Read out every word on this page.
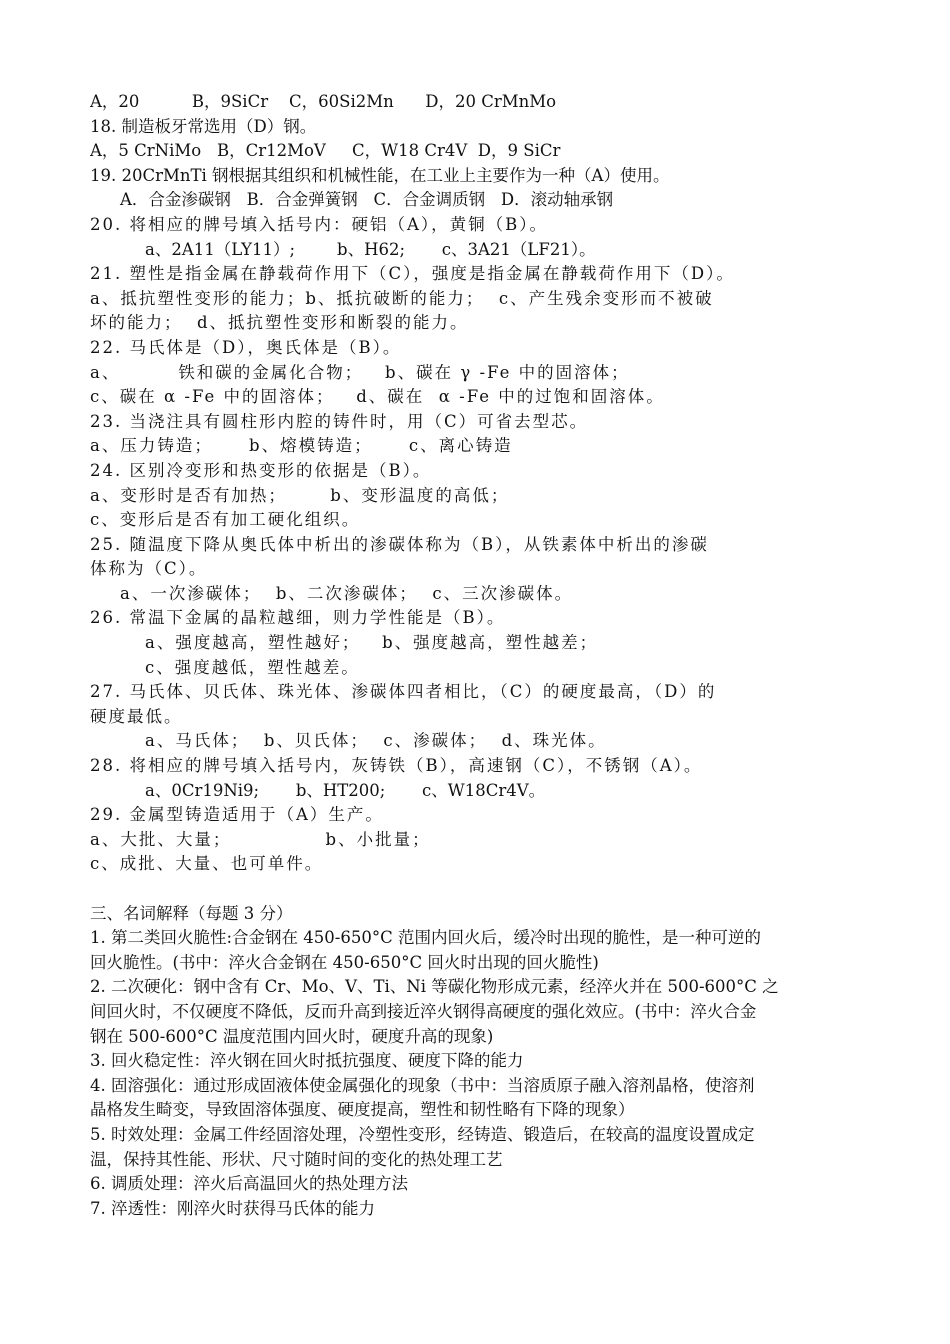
A，20          B，9SiCr    C，60Si2Mn      D，20 CrMnMo
18. 制造板牙常选用（D）钢。
A，5 CrNiMo   B，Cr12MoV     C，W18 Cr4V  D，9 SiCr
19. 20CrMnTi 钢根据其组织和机械性能，在工业上主要作为一种（A）使用。
A．合金渗碳钢   B．合金弹簧钢   C．合金调质钢   D．滚动轴承钢
20. 将相应的牌号填入括号内：硬铝（A），黄铜（B）。
a、2A11（LY11）;        b、H62;       c、3A21（LF21）。
21. 塑性是指金属在静载荷作用下（C），强度是指金属在静载荷作用下（D）。
a、抵抗塑性变形的能力；b、抵抗破断的能力；  c、产生残余变形而不被破
坏的能力；  d、抵抗塑性变形和断裂的能力。
22. 马氏体是（D），奥氏体是（B）。
a、        铁和碳的金属化合物；   b、碳在 γ -Fe 中的固溶体；
c、碳在 α -Fe 中的固溶体；   d、碳在  α -Fe 中的过饱和固溶体。
23. 当浇注具有圆柱形内腔的铸件时，用（C）可省去型芯。
a、压力铸造；     b、熔模铸造；     c、离心铸造
24. 区别冷变形和热变形的依据是（B）。
a、变形时是否有加热；      b、变形温度的高低；
c、变形后是否有加工硬化组织。
25. 随温度下降从奥氏体中析出的渗碳体称为（B），从铁素体中析出的渗碳
体称为（C）。
a、一次渗碳体；  b、二次渗碳体；  c、三次渗碳体。
26. 常温下金属的晶粒越细，则力学性能是（B）。
a、强度越高，塑性越好；   b、强度越高，塑性越差；
c、强度越低，塑性越差。
27. 马氏体、贝氏体、珠光体、渗碳体四者相比，（C）的硬度最高，（D）的
硬度最低。
a、马氏体；  b、贝氏体；  c、渗碳体；  d、珠光体。
28. 将相应的牌号填入括号内，灰铸铁（B），高速钢（C），不锈钢（A）。
a、0Cr19Ni9;       b、HT200;       c、W18Cr4V。
29. 金属型铸造适用于（A）生产。
a、大批、大量；             b、小批量；
c、成批、大量、也可单件。
三、名词解释（每题 3 分）
1. 第二类回火脆性:合金钢在 450-650°C 范围内回火后，缓冷时出现的脆性，是一种可逆的
回火脆性。(书中：淬火合金钢在 450-650°C 回火时出现的回火脆性)
2. 二次硬化：钢中含有 Cr、Mo、V、Ti、Ni 等碳化物形成元素，经淬火并在 500-600°C 之
间回火时，不仅硬度不降低，反而升高到接近淬火钢得高硬度的强化效应。(书中：淬火合金
钢在 500-600°C 温度范围内回火时，硬度升高的现象)
3. 回火稳定性：淬火钢在回火时抵抗强度、硬度下降的能力
4. 固溶强化：通过形成固液体使金属强化的现象（书中：当溶质原子融入溶剂晶格，使溶剂
晶格发生畸变，导致固溶体强度、硬度提高，塑性和韧性略有下降的现象）
5. 时效处理：金属工件经固溶处理，冷塑性变形，经铸造、锻造后，在较高的温度设置成定
温，保持其性能、形状、尺寸随时间的变化的热处理工艺
6. 调质处理：淬火后高温回火的热处理方法
7. 淬透性：刚淬火时获得马氏体的能力
